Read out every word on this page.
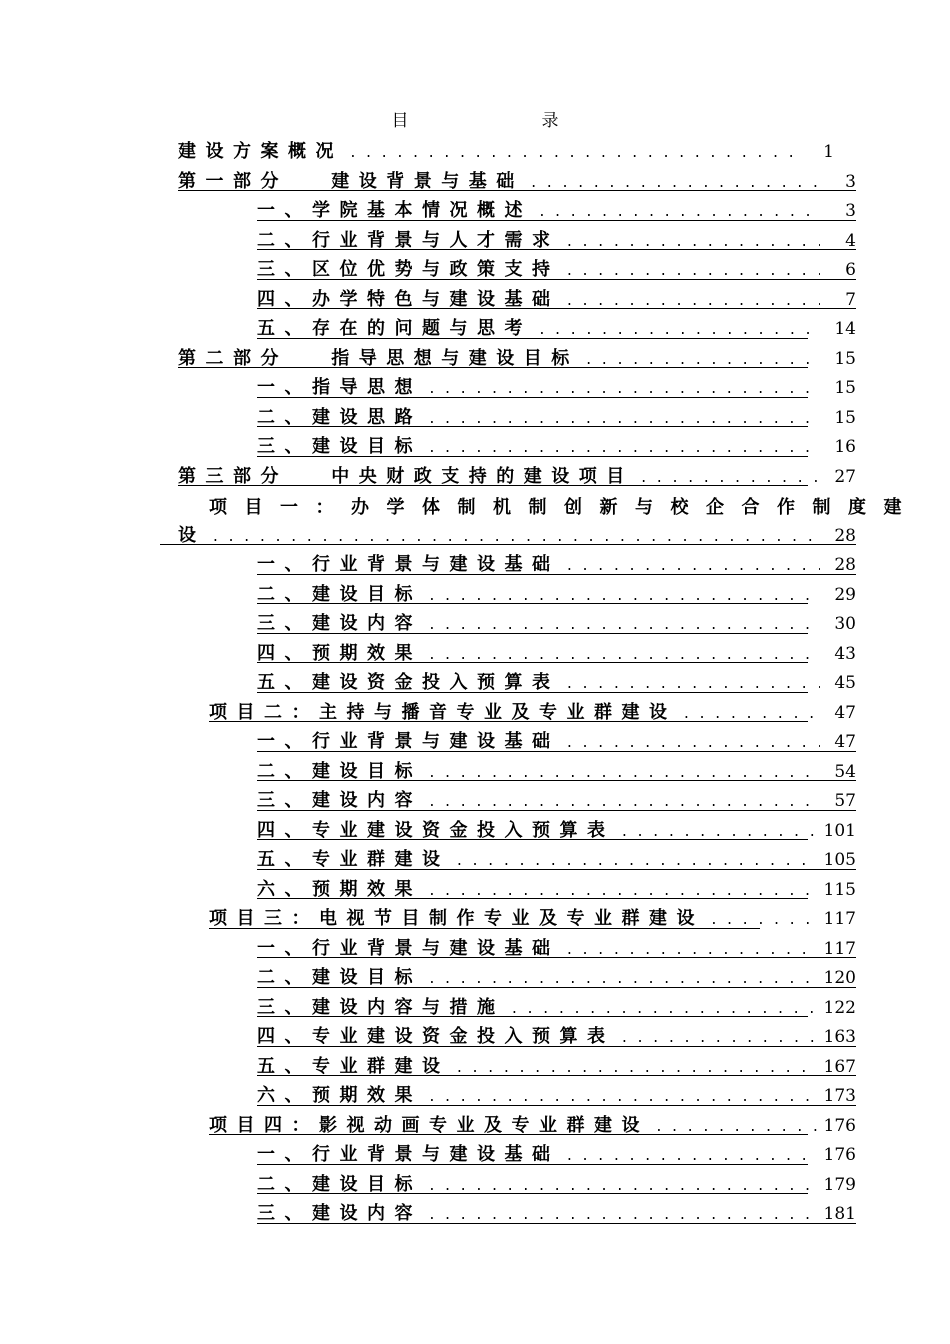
目　录
建设方案概况 . . .	1
第一部分　 建设背景与基础 . . .	3
一、学院基本情况概述 . . .	3
二、行业背景与人才需求 . . .	4
三、区位优势与政策支持 . . .	6
四、办学特色与建设基础 . . .	7
五、存在的问题与思考 . . .	14
第二部分　 指导思想与建设目标 . . .	15
一、指导思想 . . .	15
二、建设思路 . . .	15
三、建设目标 . . .	16
第三部分　 中央财政支持的建设项目 . . .	27
项目一：办学体制机制创新与校企合作制度建
设 . . .	28
一、行业背景与建设基础 . . .	28
二、建设目标 . . .	29
三、建设内容 . . .	30
四、预期效果 . . .	43
五、建设资金投入预算表 . . .	45
项目二：主持与播音专业及专业群建设 . . .	47
一、行业背景与建设基础 . . .	47
二、建设目标 . . .	54
三、建设内容 . . .	57
四、专业建设资金投入预算表 . . .	101
五、专业群建设 . . .	105
六、预期效果 . . .	115
项目三：电视节目制作专业及专业群建设 . . .	117
一、行业背景与建设基础 . . .	117
二、建设目标 . . .	120
三、建设内容与措施 . . .	122
四、专业建设资金投入预算表 . . .	163
五、专业群建设 . . .	167
六、预期效果 . . .	173
项目四：影视动画专业及专业群建设 . . .	176
一、行业背景与建设基础 . . .	176
二、建设目标 . . .	179
三、建设内容 . . .	181
